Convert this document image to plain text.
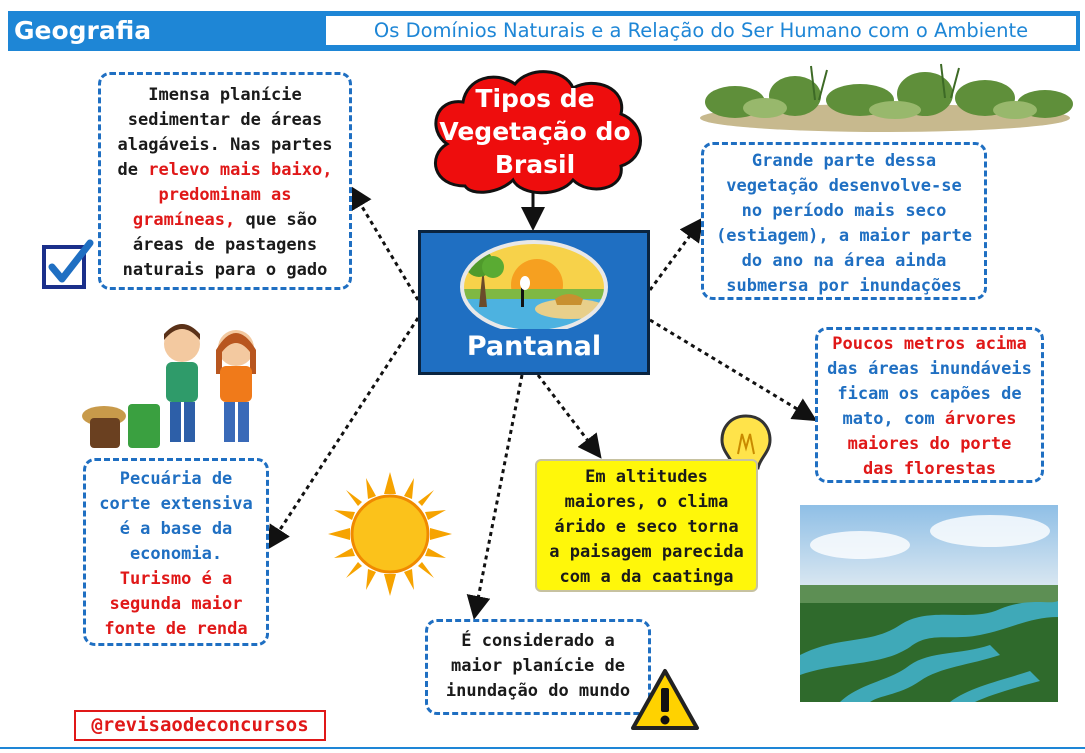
Geografia	Os Domínios Naturais e a Relação do Ser Humano com o Ambiente
Tipos de
Vegetação do
Brasil
Pantanal
Imensa planície
sedimentar de áreas
alagáveis. Nas partes
de relevo mais baixo,
predominam as
gramíneas, que são
áreas de pastagens
naturais para o gado
Grande parte dessa
vegetação desenvolve-se
no período mais seco
(estiagem), a maior parte
do ano na área ainda
submersa por inundações
Poucos metros acima
das áreas inundáveis
ficam os capões de
mato, com árvores
maiores do porte
das florestas
Pecuária de
corte extensiva
é a base da
economia.
Turismo é a
segunda maior
fonte de renda
Em altitudes
maiores, o clima
árido e seco torna
a paisagem parecida
com a da caatinga
É considerado a
maior planície de
inundação do mundo
@revisaodeconcursos
